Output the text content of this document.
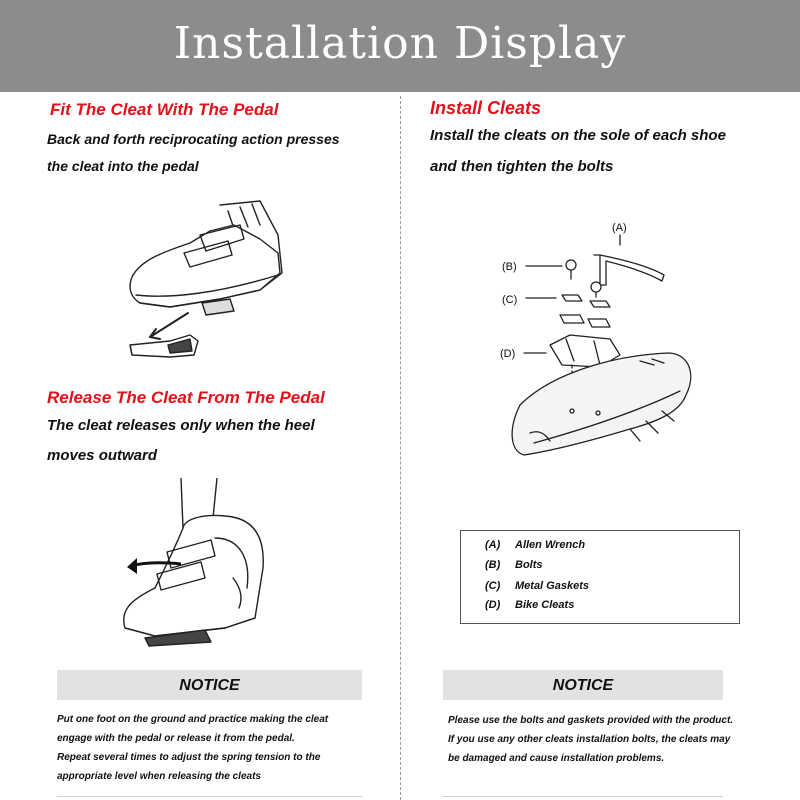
Installation Display
Fit The Cleat With The Pedal
Back and forth reciprocating action presses
the cleat into the pedal
Release The Cleat From The Pedal
The cleat releases only when the heel
moves outward
NOTICE
Put one foot on the ground and practice making the cleat
engage with the pedal or release it from the pedal.
Repeat several times to adjust the spring tension to the
appropriate level when releasing the cleats
Install Cleats
Install the cleats on the sole of each shoe
and then tighten the bolts
(A)
(B)
(C)
(D)
(A) Allen Wrench
(B) Bolts
(C) Metal Gaskets
(D) Bike Cleats
NOTICE
Please use the bolts and gaskets provided with the product.
If you use any other cleats installation bolts, the cleats may
be damaged and cause installation problems.
